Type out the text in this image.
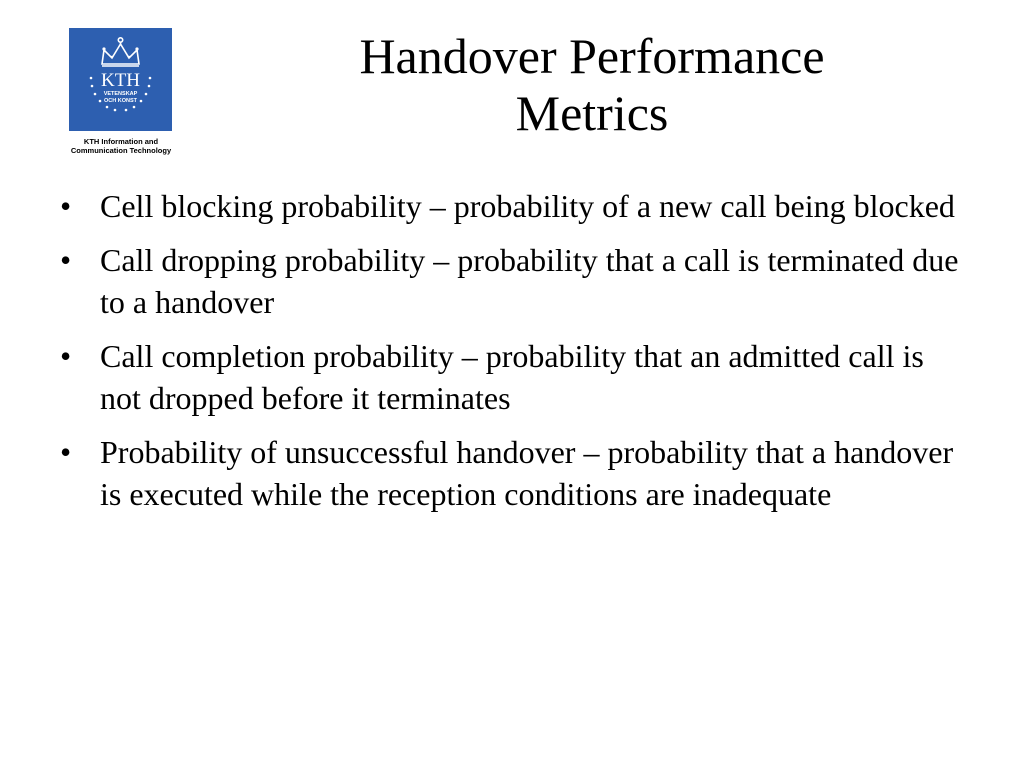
KTH
VETENSKAP
OCH KONST
KTH Information and
Communication Technology
Handover Performance
Metrics
• Cell blocking probability – probability of a new call being blocked
• Call dropping probability – probability that a call is terminated due to a handover
• Call completion probability – probability that an admitted call is not dropped before it terminates
• Probability of unsuccessful handover – probability that a handover is executed while the reception conditions are inadequate
